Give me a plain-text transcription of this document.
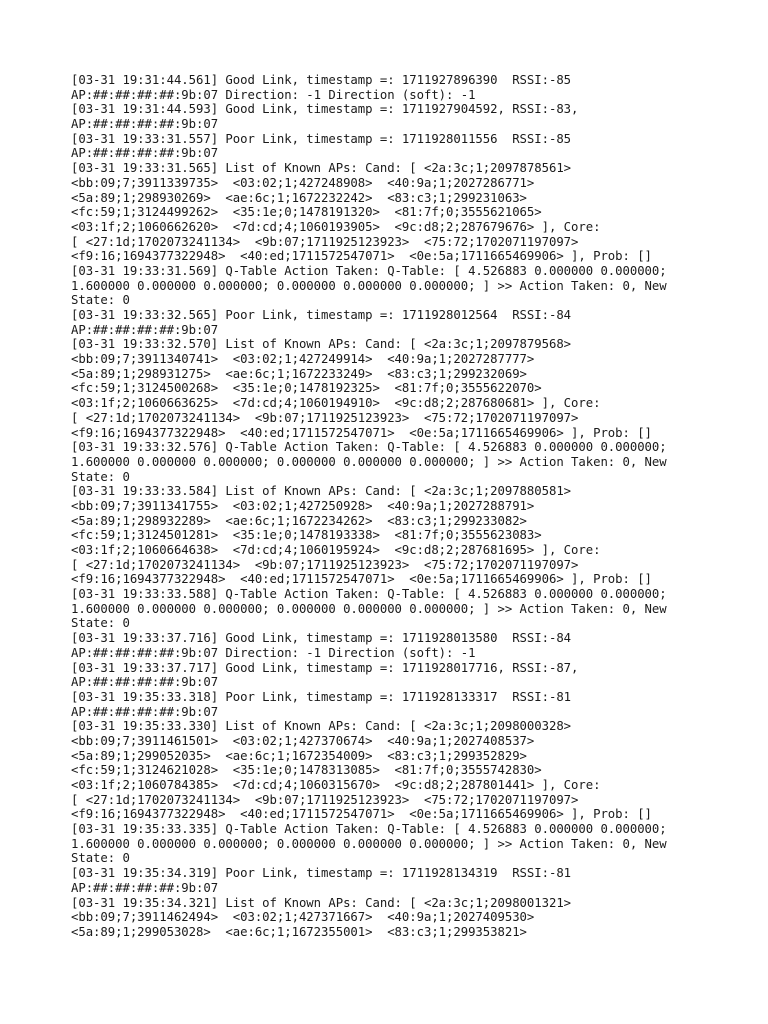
[03-31 19:31:44.561] Good Link, timestamp =: 1711927896390  RSSI:-85
AP:##:##:##:##:9b:07 Direction: -1 Direction (soft): -1
[03-31 19:31:44.593] Good Link, timestamp =: 1711927904592, RSSI:-83,
AP:##:##:##:##:9b:07
[03-31 19:33:31.557] Poor Link, timestamp =: 1711928011556  RSSI:-85
AP:##:##:##:##:9b:07
[03-31 19:33:31.565] List of Known APs: Cand: [ <2a:3c;1;2097878561>
<bb:09;7;3911339735>  <03:02;1;427248908>  <40:9a;1;2027286771>
<5a:89;1;298930269>  <ae:6c;1;1672232242>  <83:c3;1;299231063>
<fc:59;1;3124499262>  <35:1e;0;1478191320>  <81:7f;0;3555621065>
<03:1f;2;1060662620>  <7d:cd;4;1060193905>  <9c:d8;2;287679676> ], Core:
[ <27:1d;1702073241134>  <9b:07;1711925123923>  <75:72;1702071197097>
<f9:16;1694377322948>  <40:ed;1711572547071>  <0e:5a;1711665469906> ], Prob: []
[03-31 19:33:31.569] Q-Table Action Taken: Q-Table: [ 4.526883 0.000000 0.000000;
1.600000 0.000000 0.000000; 0.000000 0.000000 0.000000; ] >> Action Taken: 0, New
State: 0
[03-31 19:33:32.565] Poor Link, timestamp =: 1711928012564  RSSI:-84
AP:##:##:##:##:9b:07
[03-31 19:33:32.570] List of Known APs: Cand: [ <2a:3c;1;2097879568>
<bb:09;7;3911340741>  <03:02;1;427249914>  <40:9a;1;2027287777>
<5a:89;1;298931275>  <ae:6c;1;1672233249>  <83:c3;1;299232069>
<fc:59;1;3124500268>  <35:1e;0;1478192325>  <81:7f;0;3555622070>
<03:1f;2;1060663625>  <7d:cd;4;1060194910>  <9c:d8;2;287680681> ], Core:
[ <27:1d;1702073241134>  <9b:07;1711925123923>  <75:72;1702071197097>
<f9:16;1694377322948>  <40:ed;1711572547071>  <0e:5a;1711665469906> ], Prob: []
[03-31 19:33:32.576] Q-Table Action Taken: Q-Table: [ 4.526883 0.000000 0.000000;
1.600000 0.000000 0.000000; 0.000000 0.000000 0.000000; ] >> Action Taken: 0, New
State: 0
[03-31 19:33:33.584] List of Known APs: Cand: [ <2a:3c;1;2097880581>
<bb:09;7;3911341755>  <03:02;1;427250928>  <40:9a;1;2027288791>
<5a:89;1;298932289>  <ae:6c;1;1672234262>  <83:c3;1;299233082>
<fc:59;1;3124501281>  <35:1e;0;1478193338>  <81:7f;0;3555623083>
<03:1f;2;1060664638>  <7d:cd;4;1060195924>  <9c:d8;2;287681695> ], Core:
[ <27:1d;1702073241134>  <9b:07;1711925123923>  <75:72;1702071197097>
<f9:16;1694377322948>  <40:ed;1711572547071>  <0e:5a;1711665469906> ], Prob: []
[03-31 19:33:33.588] Q-Table Action Taken: Q-Table: [ 4.526883 0.000000 0.000000;
1.600000 0.000000 0.000000; 0.000000 0.000000 0.000000; ] >> Action Taken: 0, New
State: 0
[03-31 19:33:37.716] Good Link, timestamp =: 1711928013580  RSSI:-84
AP:##:##:##:##:9b:07 Direction: -1 Direction (soft): -1
[03-31 19:33:37.717] Good Link, timestamp =: 1711928017716, RSSI:-87,
AP:##:##:##:##:9b:07
[03-31 19:35:33.318] Poor Link, timestamp =: 1711928133317  RSSI:-81
AP:##:##:##:##:9b:07
[03-31 19:35:33.330] List of Known APs: Cand: [ <2a:3c;1;2098000328>
<bb:09;7;3911461501>  <03:02;1;427370674>  <40:9a;1;2027408537>
<5a:89;1;299052035>  <ae:6c;1;1672354009>  <83:c3;1;299352829>
<fc:59;1;3124621028>  <35:1e;0;1478313085>  <81:7f;0;3555742830>
<03:1f;2;1060784385>  <7d:cd;4;1060315670>  <9c:d8;2;287801441> ], Core:
[ <27:1d;1702073241134>  <9b:07;1711925123923>  <75:72;1702071197097>
<f9:16;1694377322948>  <40:ed;1711572547071>  <0e:5a;1711665469906> ], Prob: []
[03-31 19:35:33.335] Q-Table Action Taken: Q-Table: [ 4.526883 0.000000 0.000000;
1.600000 0.000000 0.000000; 0.000000 0.000000 0.000000; ] >> Action Taken: 0, New
State: 0
[03-31 19:35:34.319] Poor Link, timestamp =: 1711928134319  RSSI:-81
AP:##:##:##:##:9b:07
[03-31 19:35:34.321] List of Known APs: Cand: [ <2a:3c;1;2098001321>
<bb:09;7;3911462494>  <03:02;1;427371667>  <40:9a;1;2027409530>
<5a:89;1;299053028>  <ae:6c;1;1672355001>  <83:c3;1;299353821>
